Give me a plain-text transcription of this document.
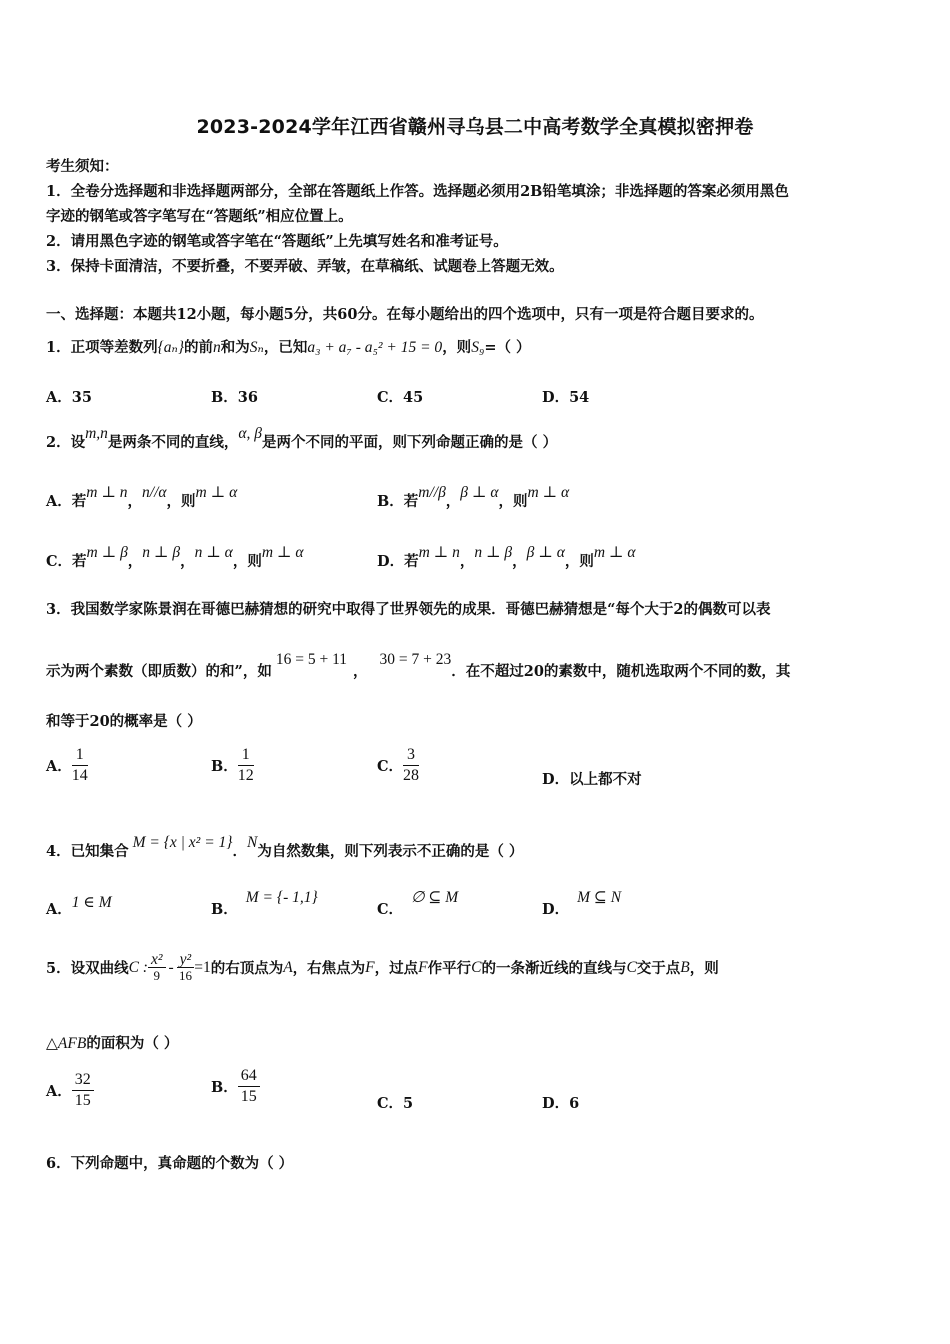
2023-2024学年江西省赣州寻乌县二中高考数学全真模拟密押卷
考生须知：
1．全卷分选择题和非选择题两部分，全部在答题纸上作答。选择题必须用2B铅笔填涂；非选择题的答案必须用黑色
字迹的钢笔或答字笔写在“答题纸”相应位置上。
2．请用黑色字迹的钢笔或答字笔在“答题纸”上先填写姓名和准考证号。
3．保持卡面清洁，不要折叠，不要弄破、弄皱，在草稿纸、试题卷上答题无效。
一、选择题：本题共12小题，每小题5分，共60分。在每小题给出的四个选项中，只有一项是符合题目要求的。
1．正项等差数列{aₙ}的前n和为Sₙ，已知a₃ + a₇ - a₅² + 15 = 0，则S₉=（ ）
A．35	B．36	C．45	D．54
2．设m,n是两条不同的直线，α, β是两个不同的平面，则下列命题正确的是（ ）
A．若m ⊥ n，n//α，则m ⊥ α
B．若m//β，β ⊥ α，则m ⊥ α
C．若m ⊥ β，n ⊥ β，n ⊥ α，则m ⊥ α
D．若m ⊥ n，n ⊥ β，β ⊥ α，则m ⊥ α
3．我国数学家陈景润在哥德巴赫猜想的研究中取得了世界领先的成果．哥德巴赫猜想是“每个大于2的偶数可以表
示为两个素数（即质数）的和”，如16 = 5 + 11，30 = 7 + 23．在不超过20的素数中，随机选取两个不同的数，其
和等于20的概率是（ ）
A． $\frac{1}{14}$	B． $\frac{1}{12}$	C． $\frac{3}{28}$	D．以上都不对
4．已知集合M = {x | x² = 1}．N为自然数集，则下列表示不正确的是（ ）
A．1 ∈ M	B．M = {- 1,1}
C．∅ ⊆ M
D．M ⊆ N
5．设双曲线C : $\frac{\text{x²}}{9} - \frac{\text{y²}}{16} =1$的右顶点为A，右焦点为F，过点F作平行C的一条渐近线的直线与C交于点B，则
△AFB的面积为（ ）
A． $\frac{32}{15}$	B． $\frac{64}{15}$	C．5	D．6
6．下列命题中，真命题的个数为（ ）
